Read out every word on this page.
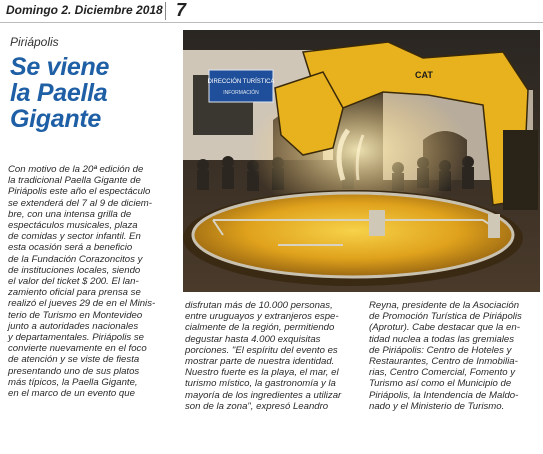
Domingo 2. Diciembre 2018 7
Piriápolis
Se viene
la Paella
Gigante
DIRECCIÓN TURÍSTICA
INFORMACIÓN
CAT

Con motivo de la 20ª edición de

la tradicional Paella Gigante de

Piriápolis este año el espectáculo

se extenderá del 7 al 9 de diciem-

bre, con una intensa grilla de

espectáculos musicales, plaza

de comidas y sector infantil. En

esta ocasión será a beneficio

de la Fundación Corazoncitos y

de instituciones locales, siendo

el valor del ticket $ 200. El lan-

zamiento oficial para prensa se

realizó el jueves 29 de en el Minis-

terio de Turismo en Montevideo

junto a autoridades nacionales

y departamentales. Piriápolis se

convierte nuevamente en el foco

de atención y se viste de fiesta

presentando uno de sus platos

más típicos, la Paella Gigante,

en el marco de un evento que

disfrutan más de 10.000 personas,

entre uruguayos y extranjeros espe-

cialmente de la región, permitiendo

degustar hasta 4.000 exquisitas

porciones. "El espíritu del evento es

mostrar parte de nuestra identidad.

Nuestro fuerte es la playa, el mar, el

turismo místico, la gastronomía y la

mayoría de los ingredientes a utilizar

son de la zona", expresó Leandro

Reyna, presidente de la Asociación

de Promoción Turística de Piriápolis

(Aprotur). Cabe destacar que la en-

tidad nuclea a todas las gremiales

de Piriápolis: Centro de Hoteles y

Restaurantes, Centro de Inmobilia-

rias, Centro Comercial, Fomento y

Turismo así como el Municipio de

Piriápolis, la Intendencia de Maldo-

nado y el Ministerio de Turismo.
